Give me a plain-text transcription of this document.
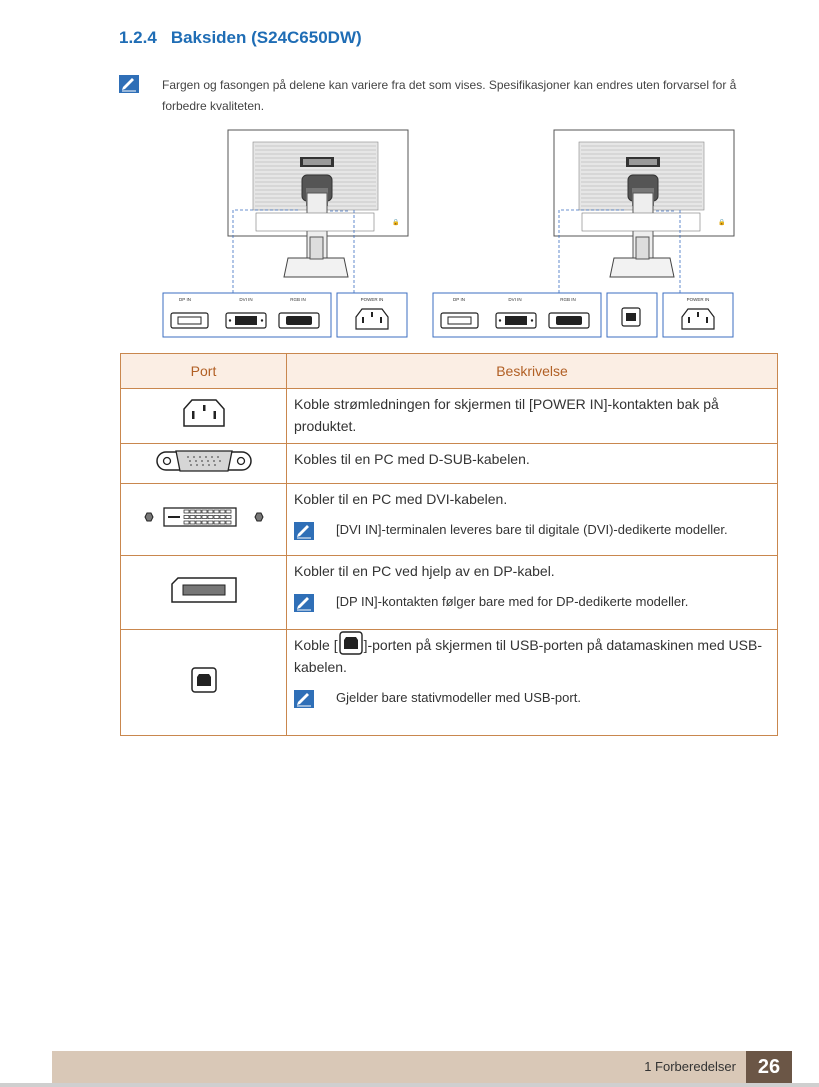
1.2.4 Baksiden (S24C650DW)

Fargen og fasongen på delene kan variere fra det som vises. Spesifikasjoner kan endres uten forvarsel for å forbedre kvaliteten.

🔒
DP IN	DVI IN	RGB IN	POWER IN
🔒
DP IN	DVI IN	RGB IN	POWER IN
Port	Beskrivelse
	Koble strømledningen for skjermen til [POWER IN]-kontakten bak på produktet.
	Kobles til en PC med D-SUB-kabelen.

Kobler til en PC med DVI-kabelen.
[DVI IN]-terminalen leveres bare til digitale (DVI)-dedikerte modeller.

Kobler til en PC ved hjelp av en DP-kabel.
[DP IN]-kontakten følger bare med for DP-dedikerte modeller.

Koble [ ]-porten på skjermen til USB-porten på datamaskinen med USB-kabelen.
Gjelder bare stativmodeller med USB-port.
1 Forberedelser	26
